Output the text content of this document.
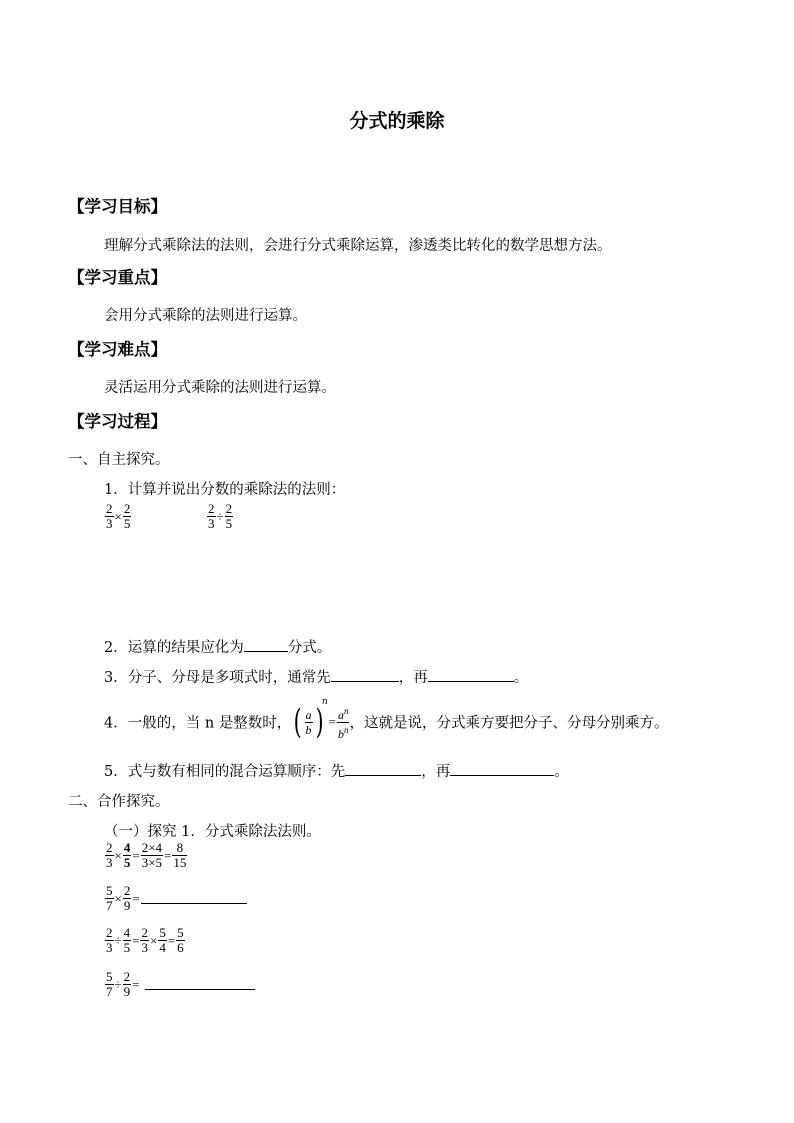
分式的乘除
【学习目标】
理解分式乘除法的法则，会进行分式乘除运算，渗透类比转化的数学思想方法。
【学习重点】
会用分式乘除的法则进行运算。
【学习难点】
灵活运用分式乘除的法则进行运算。
【学习过程】
一、自主探究。
1．计算并说出分数的乘除法的法则：
$\frac{2}{3} \times \frac{2}{5}$	$\frac{2}{3} \div \frac{2}{5}$
2．运算的结果应化为	分式。
3．分子、分母是多项式时，通常先	，再	。
4．一般的，当 n 是整数时，( $\frac{a}{b} )^n= \frac{a^n}{b^n}$ ，这就是说，分式乘方要把分子、分母分别乘方。
5．式与数有相同的混合运算顺序：先	，再	。
二、合作探究。
（一）探究 1．分式乘除法法则。
$\frac{2}{3} \times \frac{4}{5} = \frac{2\times 4}{3\times 5} = \frac{8}{15}$
$\frac{5}{7} \times \frac{2}{9}$ =
$\frac{2}{3} \div \frac{4}{5} = \frac{2}{3} \times \frac{5}{4} = \frac{5}{6}$
$\frac{5}{7} \div \frac{2}{9}$ =
